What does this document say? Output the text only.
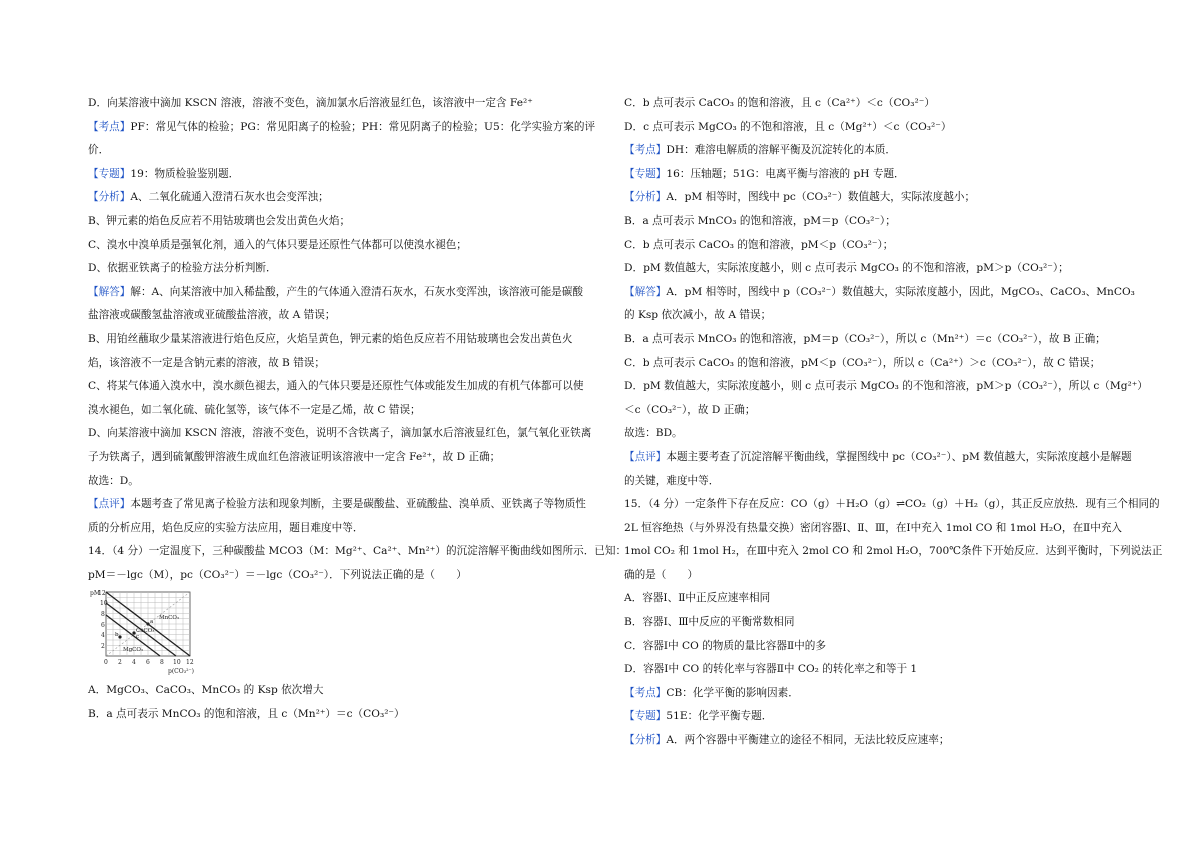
D．向某溶液中滴加 KSCN 溶液，溶液不变色，滴加氯水后溶液显红色，该溶液中一定含 Fe²⁺
【考点】PF：常见气体的检验；PG：常见阳离子的检验；PH：常见阴离子的检验；U5：化学实验方案的评
价．
【专题】19：物质检验鉴别题．
【分析】A、二氧化硫通入澄清石灰水也会变浑浊；
B、钾元素的焰色反应若不用钴玻璃也会发出黄色火焰；
C、溴水中溴单质是强氧化剂，通入的气体只要是还原性气体都可以使溴水褪色；
D、依据亚铁离子的检验方法分析判断．
【解答】解：A、向某溶液中加入稀盐酸，产生的气体通入澄清石灰水，石灰水变浑浊，该溶液可能是碳酸
盐溶液或碳酸氢盐溶液或亚硫酸盐溶液，故 A 错误；
B、用铂丝蘸取少量某溶液进行焰色反应，火焰呈黄色，钾元素的焰色反应若不用钴玻璃也会发出黄色火
焰，该溶液不一定是含钠元素的溶液，故 B 错误；
C、将某气体通入溴水中，溴水颜色褪去，通入的气体只要是还原性气体或能发生加成的有机气体都可以使
溴水褪色，如二氧化硫、硫化氢等，该气体不一定是乙烯，故 C 错误；
D、向某溶液中滴加 KSCN 溶液，溶液不变色，说明不含铁离子，滴加氯水后溶液显红色，氯气氧化亚铁离
子为铁离子，遇到硫氰酸钾溶液生成血红色溶液证明该溶液中一定含 Fe²⁺，故 D 正确；
故选：D。
【点评】本题考查了常见离子检验方法和现象判断，主要是碳酸盐、亚硫酸盐、溴单质、亚铁离子等物质性
质的分析应用，焰色反应的实验方法应用，题目难度中等．
14．（4 分）一定温度下，三种碳酸盐 MCO3（M：Mg²⁺、Ca²⁺、Mn²⁺）的沉淀溶解平衡曲线如图所示．已知：
pM＝－lgc（M），pc（CO₃²⁻）＝－lgc（CO₃²⁻）．下列说法正确的是（　　）
pM
12
10
8
6
4
2
0 2 4 6 8 10 12
p(CO₃²⁻)
MnCO₃
CaCO₃
MgCO₃
a
b	c
A．MgCO₃、CaCO₃、MnCO₃ 的 Ksp 依次增大
B．a 点可表示 MnCO₃ 的饱和溶液，且 c（Mn²⁺）＝c（CO₃²⁻）
C．b 点可表示 CaCO₃ 的饱和溶液，且 c（Ca²⁺）＜c（CO₃²⁻）
D．c 点可表示 MgCO₃ 的不饱和溶液，且 c（Mg²⁺）＜c（CO₃²⁻）
【考点】DH：难溶电解质的溶解平衡及沉淀转化的本质．
【专题】16：压轴题；51G：电离平衡与溶液的 pH 专题．
【分析】A．pM 相等时，图线中 pc（CO₃²⁻）数值越大，实际浓度越小；
B．a 点可表示 MnCO₃ 的饱和溶液，pM＝p（CO₃²⁻）；
C．b 点可表示 CaCO₃ 的饱和溶液，pM＜p（CO₃²⁻）；
D．pM 数值越大，实际浓度越小，则 c 点可表示 MgCO₃ 的不饱和溶液，pM＞p（CO₃²⁻）；
【解答】A．pM 相等时，图线中 p（CO₃²⁻）数值越大，实际浓度越小，因此，MgCO₃、CaCO₃、MnCO₃
的 Ksp 依次减小，故 A 错误；
B．a 点可表示 MnCO₃ 的饱和溶液，pM＝p（CO₃²⁻），所以 c（Mn²⁺）＝c（CO₃²⁻），故 B 正确；
C．b 点可表示 CaCO₃ 的饱和溶液，pM＜p（CO₃²⁻），所以 c（Ca²⁺）＞c（CO₃²⁻），故 C 错误；
D．pM 数值越大，实际浓度越小，则 c 点可表示 MgCO₃ 的不饱和溶液，pM＞p（CO₃²⁻），所以 c（Mg²⁺）
＜c（CO₃²⁻），故 D 正确；
故选：BD。
【点评】本题主要考查了沉淀溶解平衡曲线，掌握图线中 pc（CO₃²⁻）、pM 数值越大，实际浓度越小是解题
的关键，难度中等．
15．（4 分）一定条件下存在反应：CO（g）＋H₂O（g）⇌CO₂（g）＋H₂（g），其正反应放热．现有三个相同的
2L 恒容绝热（与外界没有热量交换）密闭容器Ⅰ、Ⅱ、Ⅲ，在Ⅰ中充入 1mol CO 和 1mol H₂O，在Ⅱ中充入
1mol CO₂ 和 1mol H₂，在Ⅲ中充入 2mol CO 和 2mol H₂O，700℃条件下开始反应．达到平衡时，下列说法正
确的是（　　）
A．容器Ⅰ、Ⅱ中正反应速率相同
B．容器Ⅰ、Ⅲ中反应的平衡常数相同
C．容器Ⅰ中 CO 的物质的量比容器Ⅱ中的多
D．容器Ⅰ中 CO 的转化率与容器Ⅱ中 CO₂ 的转化率之和等于 1
【考点】CB：化学平衡的影响因素．
【专题】51E：化学平衡专题．
【分析】A．两个容器中平衡建立的途径不相同，无法比较反应速率；
